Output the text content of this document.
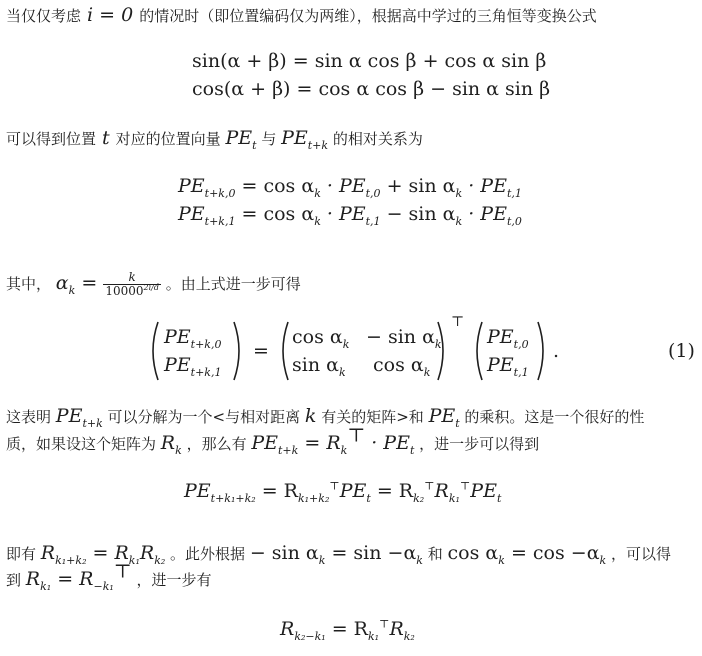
当仅仅考虑 i = 0 的情况时（即位置编码仅为两维），根据高中学过的三角恒等变换公式
sin(α + β) = sin α cos β + cos α sin β
cos(α + β) = cos α cos β − sin α sin β
可以得到位置 t 对应的位置向量 $PE_t$ 与 $PE_{t+k}$ 的相对关系为
$PE_{t+k,0} = \cos \alpha_k \cdot PE_{t,0} + \sin \alpha_k \cdot PE_{t,1}$
$PE_{t+k,1} = \cos \alpha_k \cdot PE_{t,1} - \sin \alpha_k \cdot PE_{t,0}$
其中， $\alpha_k = \frac{k}{10000^{2i/d}}$ 。由上式进一步可得
$PE_{t+k,0}$
$PE_{t+k,1}$
=
$\cos \alpha_k - \sin \alpha_k$
$\sin \alpha_k$ $\cos \alpha_k$
⊤
$PE_{t,0}$
$PE_{t,1}$
.	(1)
这表明 $PE_{t+k}$ 可以分解为一个<与相对距离 k 有关的矩阵>和 $PE_t$ 的乘积。这是一个很好的性
质，如果设这个矩阵为 $R_k$ ，那么有 $PE_{t+k} = R_k^⊤ \cdot PE_t$ ，进一步可以得到
$PE_{t+k_1+k_2} = R_{k_1+k_2}^⊤PE_t = R_{k_2}^⊤R_{k_1}^⊤PE_t$
即有 $R_{k_1+k_2} = R_{k_1}R_{k_2}$ 。此外根据 − $\sin \alpha_k = \sin -\alpha_k$ 和 $\cos \alpha_k = \cos -\alpha_k$ ，可以得
到 $R_{k_1} = R_{-k_1}^⊤$ ，进一步有
$R_{k_2-k_1} = R_{k_1}^⊤R_{k_2}$
